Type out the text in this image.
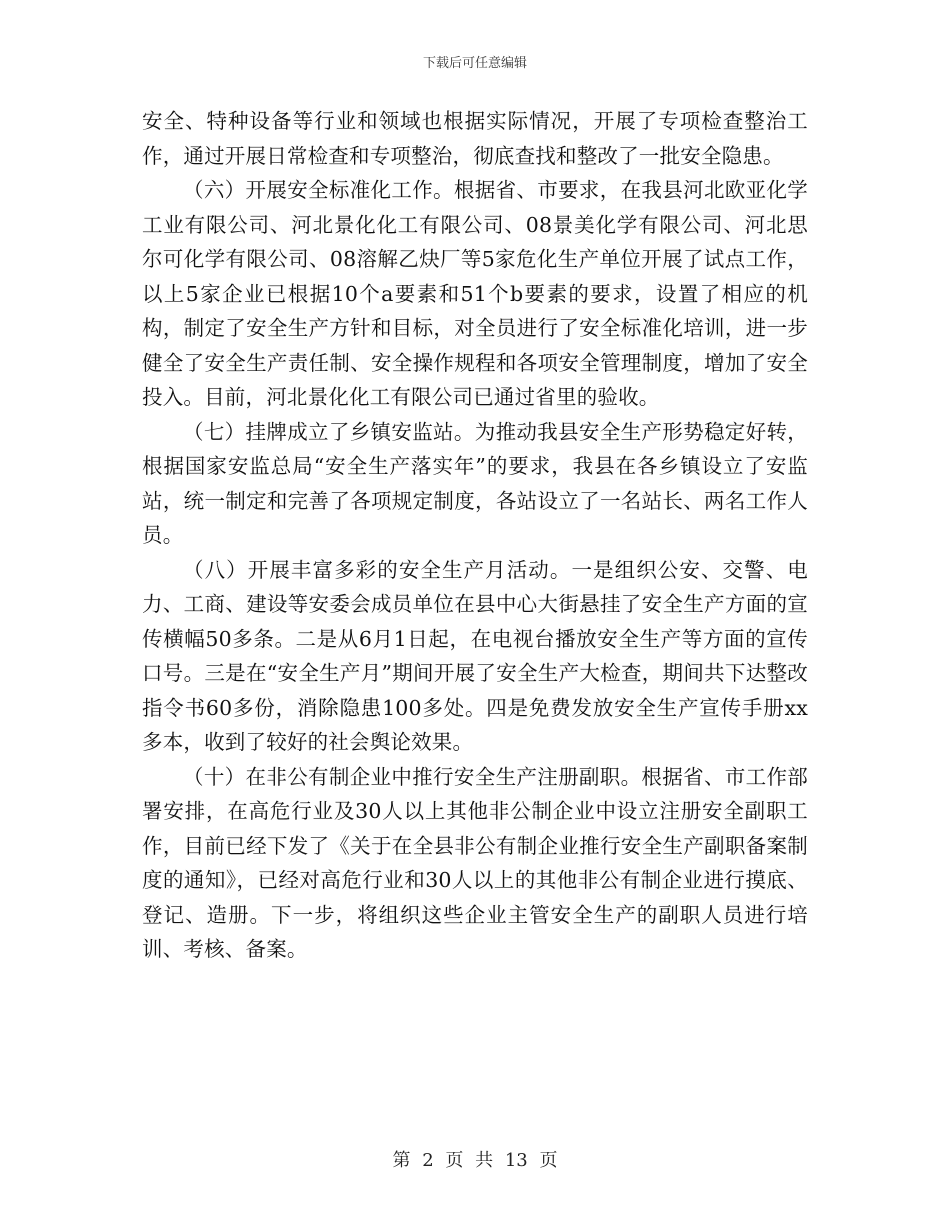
下载后可任意编辑

安全、特种设备等行业和领域也根据实际情况，开展了专项检查整治工作，通过开展日常检查和专项整治，彻底查找和整改了一批安全隐患。

（六）开展安全标准化工作。根据省、市要求，在我县河北欧亚化学工业有限公司、河北景化化工有限公司、08景美化学有限公司、河北思尔可化学有限公司、08溶解乙炔厂等5家危化生产单位开展了试点工作，以上5家企业已根据10个a要素和51个b要素的要求，设置了相应的机构，制定了安全生产方针和目标，对全员进行了安全标准化培训，进一步健全了安全生产责任制、安全操作规程和各项安全管理制度，增加了安全投入。目前，河北景化化工有限公司已通过省里的验收。

（七）挂牌成立了乡镇安监站。为推动我县安全生产形势稳定好转，根据国家安监总局“安全生产落实年”的要求，我县在各乡镇设立了安监站，统一制定和完善了各项规定制度，各站设立了一名站长、两名工作人员。

（八）开展丰富多彩的安全生产月活动。一是组织公安、交警、电力、工商、建设等安委会成员单位在县中心大街悬挂了安全生产方面的宣传横幅50多条。二是从6月1日起，在电视台播放安全生产等方面的宣传口号。三是在“安全生产月”期间开展了安全生产大检查，期间共下达整改指令书60多份，消除隐患100多处。四是免费发放安全生产宣传手册xx多本，收到了较好的社会舆论效果。

（十）在非公有制企业中推行安全生产注册副职。根据省、市工作部署安排，在高危行业及30人以上其他非公制企业中设立注册安全副职工作，目前已经下发了《关于在全县非公有制企业推行安全生产副职备案制度的通知》，已经对高危行业和30人以上的其他非公有制企业进行摸底、登记、造册。下一步，将组织这些企业主管安全生产的副职人员进行培训、考核、备案。

第 2 页 共 13 页
